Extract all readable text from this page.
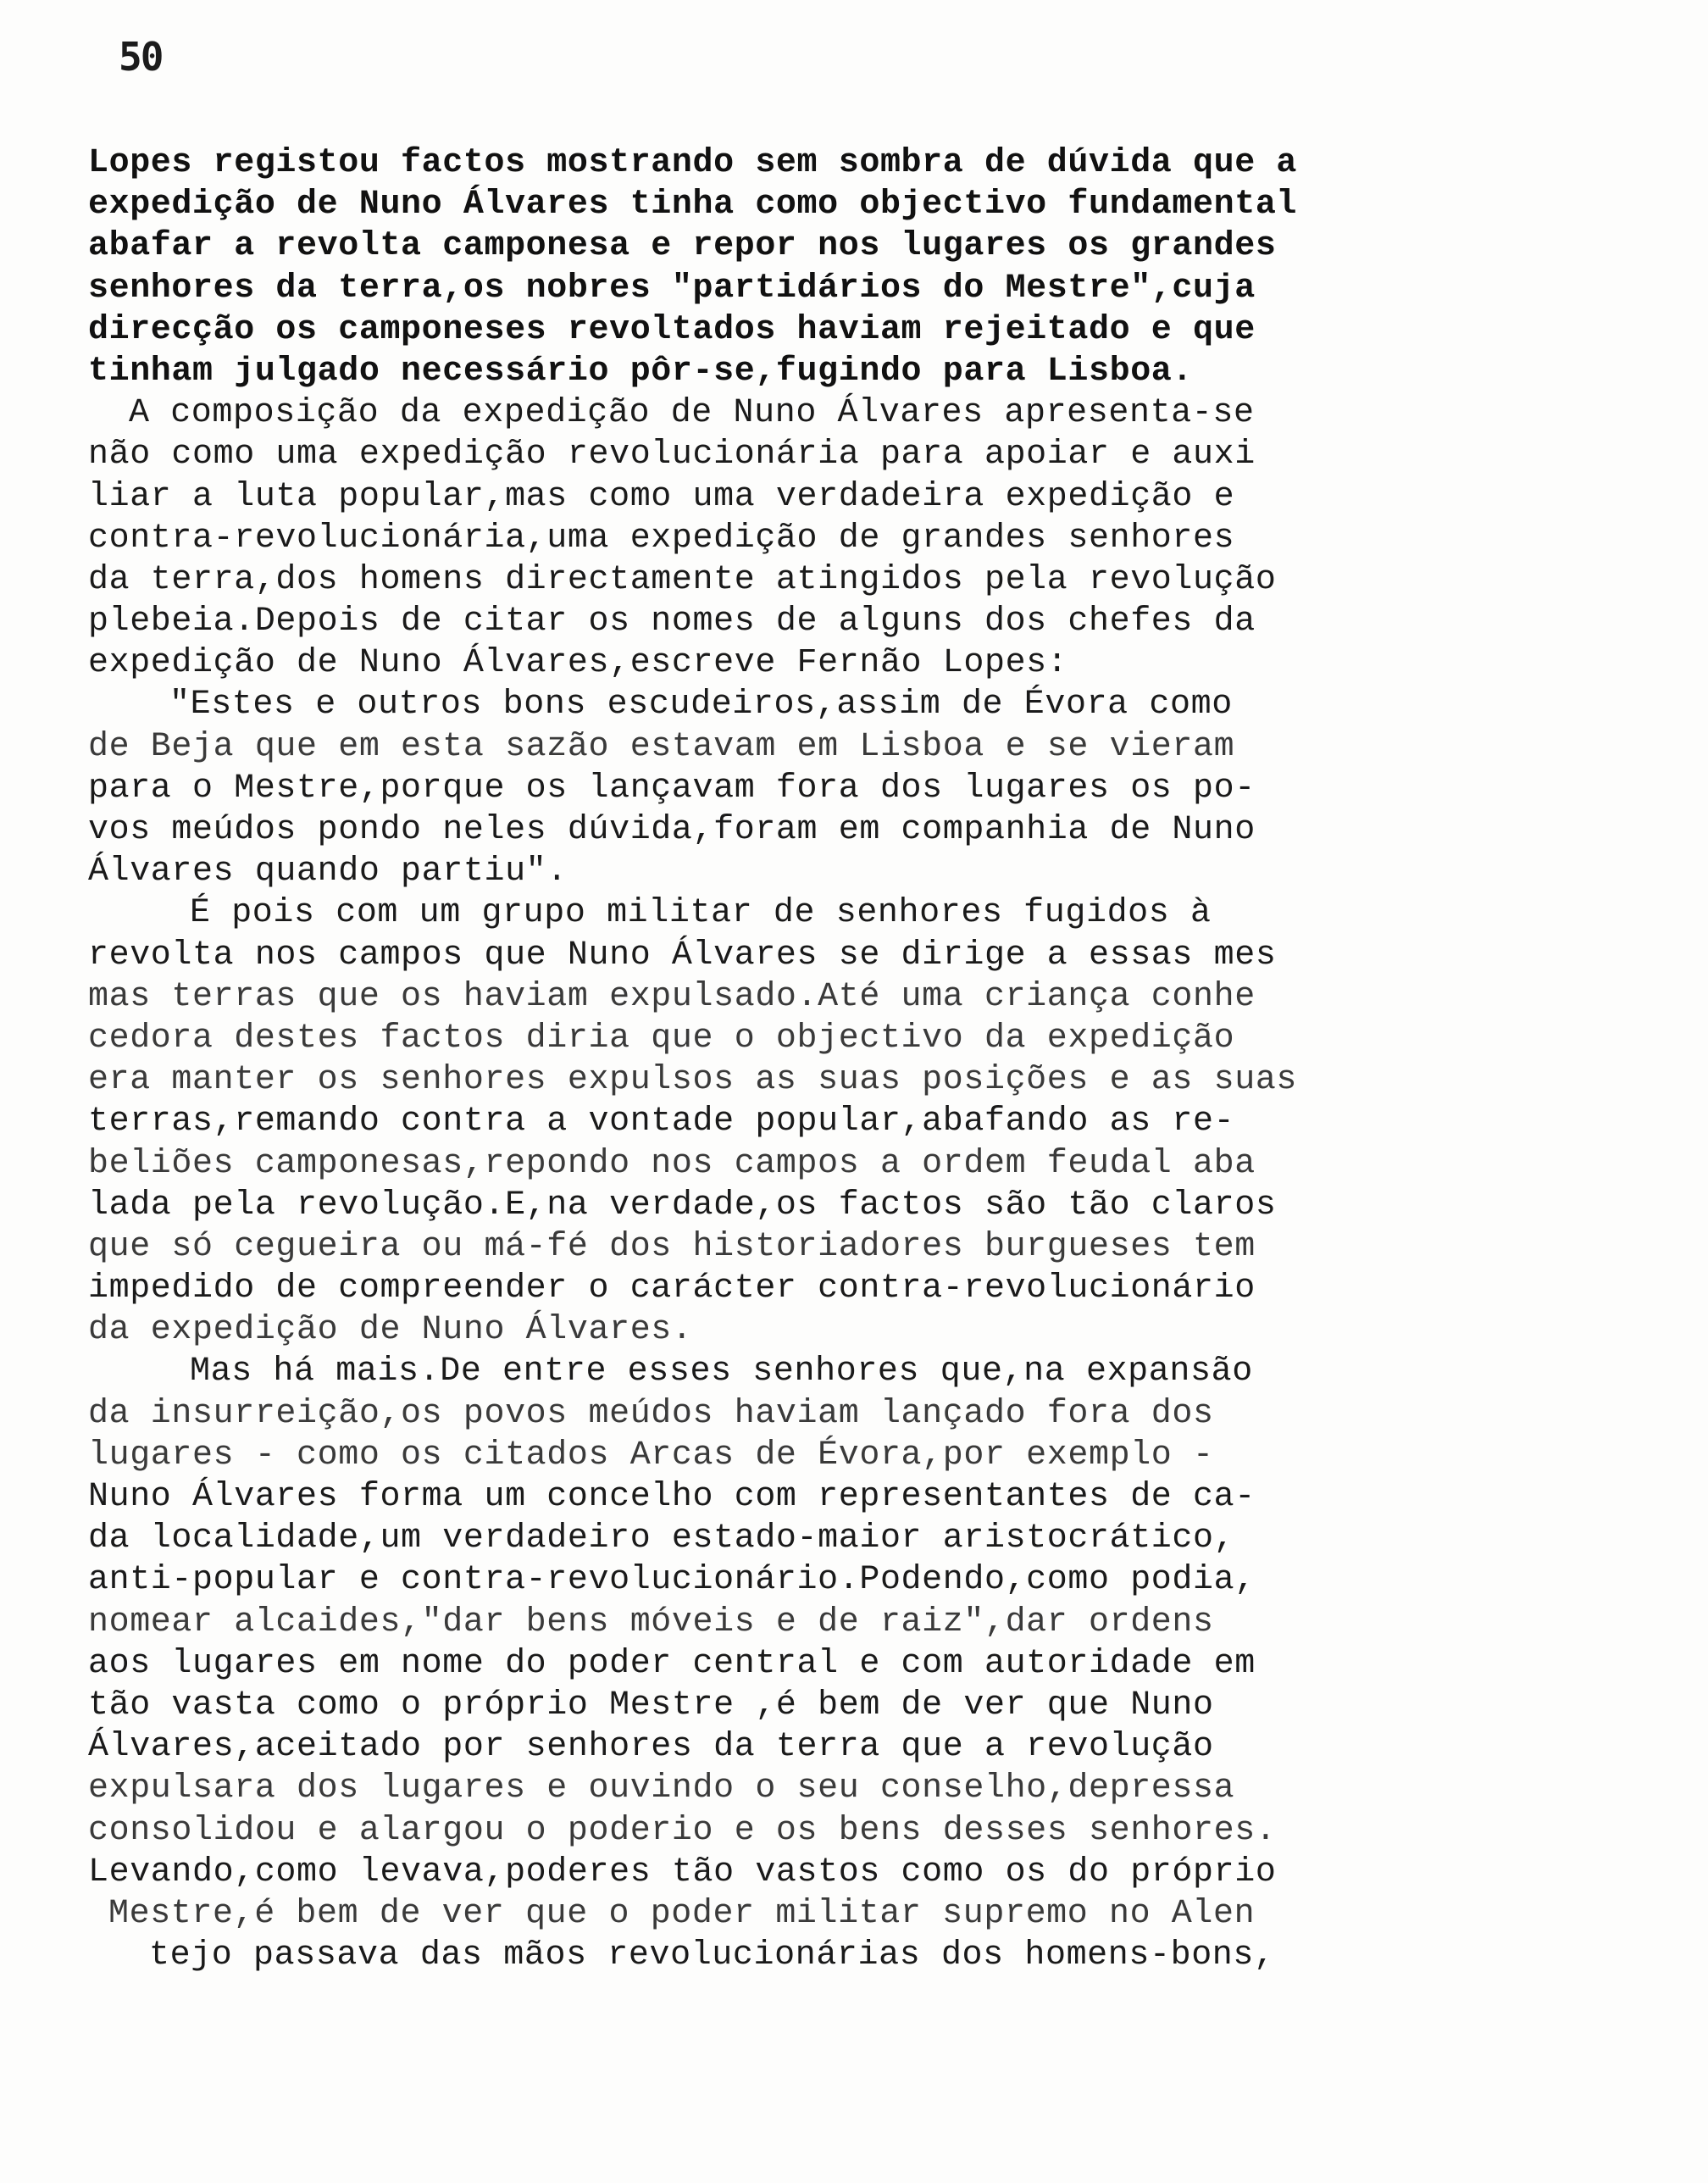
50
Lopes registou factos mostrando sem sombra de dúvida que a
expedição de Nuno Álvares tinha como objectivo fundamental
abafar a revolta camponesa e repor nos lugares os grandes
senhores da terra,os nobres "partidários do Mestre",cuja
direcção os camponeses revoltados haviam rejeitado e que
tinham julgado necessário pôr-se,fugindo para Lisboa.
A composição da expedição de Nuno Álvares apresenta-se
não como uma expedição revolucionária para apoiar e auxi
liar a luta popular,mas como uma verdadeira expedição e
contra-revolucionária,uma expedição de grandes senhores
da terra,dos homens directamente atingidos pela revolução
plebeia.Depois de citar os nomes de alguns dos chefes da
expedição de Nuno Álvares,escreve Fernão Lopes:
"Estes e outros bons escudeiros,assim de Évora como
de Beja que em esta sazão estavam em Lisboa e se vieram
para o Mestre,porque os lançavam fora dos lugares os po-
vos meúdos pondo neles dúvida,foram em companhia de Nuno
Álvares quando partiu".
É pois com um grupo militar de senhores fugidos à
revolta nos campos que Nuno Álvares se dirige a essas mes
mas terras que os haviam expulsado.Até uma criança conhe
cedora destes factos diria que o objectivo da expedição
era manter os senhores expulsos as suas posições e as suas
terras,remando contra a vontade popular,abafando as re-
beliões camponesas,repondo nos campos a ordem feudal aba
lada pela revolução.E,na verdade,os factos são tão claros
que só cegueira ou má-fé dos historiadores burgueses tem
impedido de compreender o carácter contra-revolucionário
da expedição de Nuno Álvares.
Mas há mais.De entre esses senhores que,na expansão
da insurreição,os povos meúdos haviam lançado fora dos
lugares - como os citados Arcas de Évora,por exemplo -
Nuno Álvares forma um concelho com representantes de ca-
da localidade,um verdadeiro estado-maior aristocrático,
anti-popular e contra-revolucionário.Podendo,como podia,
nomear alcaides,"dar bens móveis e de raiz",dar ordens
aos lugares em nome do poder central e com autoridade em
tão vasta como o próprio Mestre ,é bem de ver que Nuno
Álvares,aceitado por senhores da terra que a revolução
expulsara dos lugares e ouvindo o seu conselho,depressa
consolidou e alargou o poderio e os bens desses senhores.
Levando,como levava,poderes tão vastos como os do próprio
Mestre,é bem de ver que o poder militar supremo no Alen
tejo passava das mãos revolucionárias dos homens-bons,
